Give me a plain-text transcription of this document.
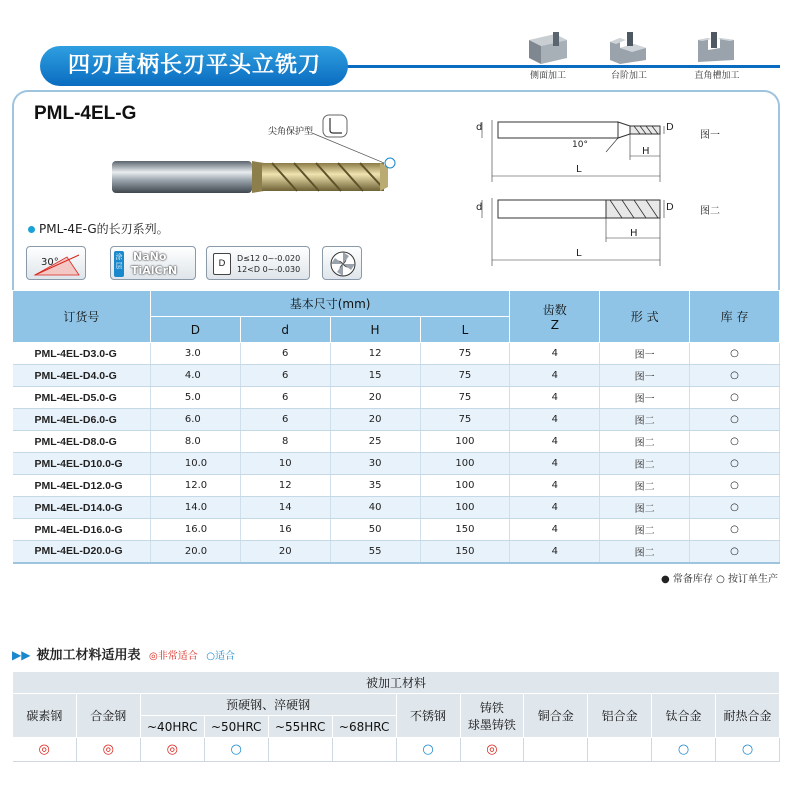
四刃直柄长刃平头立铣刀	侧面加工	台阶加工	直角槽加工
PML-4EL-G
尖角保护型
PML-4E-G的长刃系列。
30°	涂层
NaNo
TiAlCrN	D
D≤12 0~-0.020
12<D 0~-0.030
d	D
10°
H
L
图一
d	D
H
L
图二
订货号	基本尺寸(mm)				齿数
Z	形 式	库 存
	D	d	H	L			
PML-4EL-D3.0-G	3.0	6	12	75	4	图一	○
PML-4EL-D4.0-G	4.0	6	15	75	4	图一	○
PML-4EL-D5.0-G	5.0	6	20	75	4	图一	○
PML-4EL-D6.0-G	6.0	6	20	75	4	图二	○
PML-4EL-D8.0-G	8.0	8	25	100	4	图二	○
PML-4EL-D10.0-G	10.0	10	30	100	4	图二	○
PML-4EL-D12.0-G	12.0	12	35	100	4	图二	○
PML-4EL-D14.0-G	14.0	14	40	100	4	图二	○
PML-4EL-D16.0-G	16.0	16	50	150	4	图二	○
PML-4EL-D20.0-G	20.0	20	55	150	4	图二	○
● 常备库存 ○ 按订单生产
▶▶ 被加工材料适用表 ◎非常适合 ○适合
被加工材料											
碳素钢	合金钢	预硬钢、淬硬钢				不锈钢	铸铁
球墨铸铁	铜合金	铝合金	钛合金	耐热合金
		~40HRC	~50HRC	~55HRC	~68HRC						
◎	◎	◎	○			○	◎			○	○
